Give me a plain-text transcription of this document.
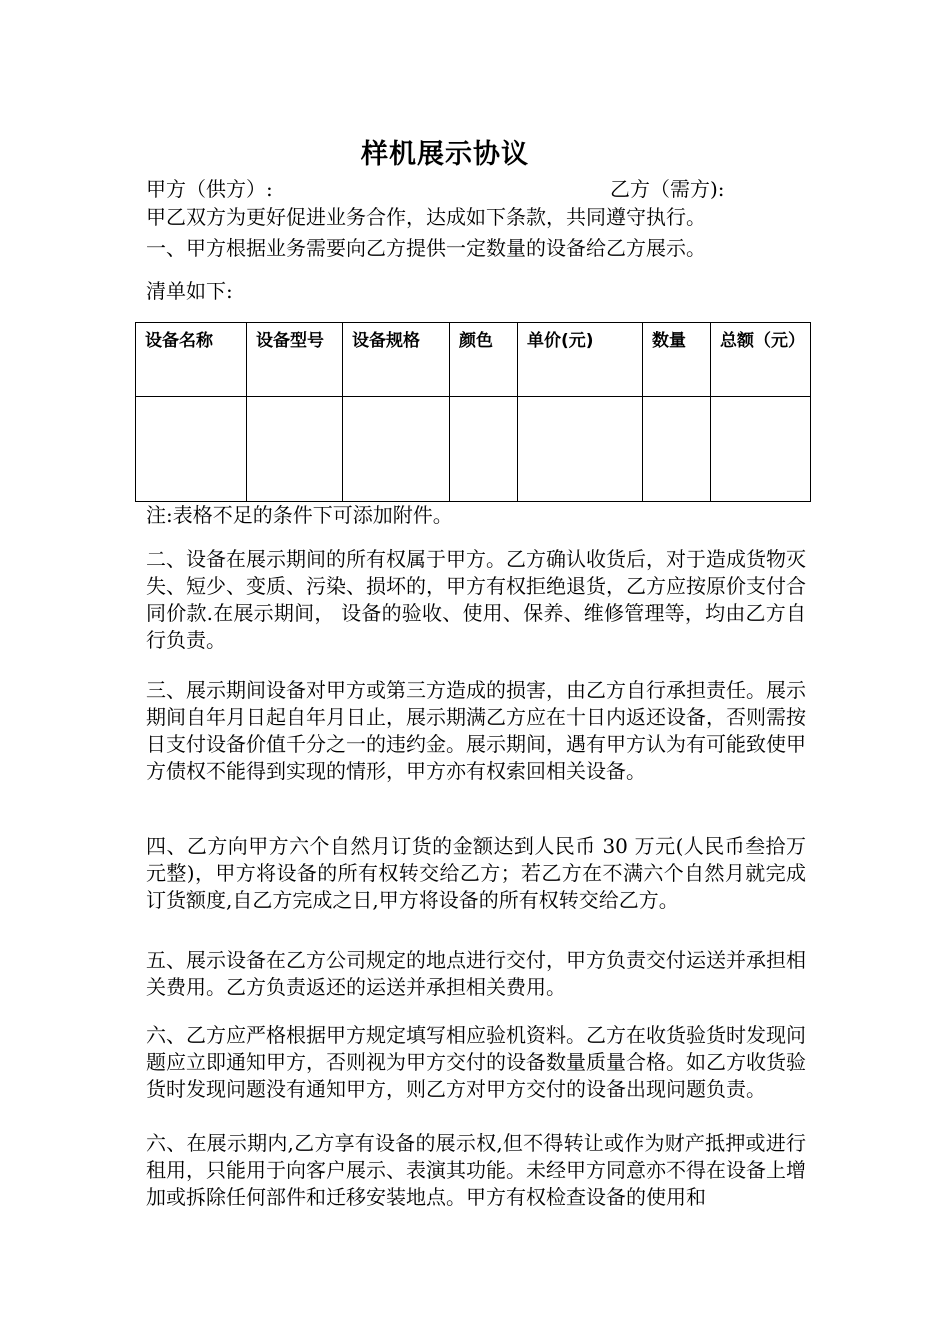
样机展示协议
甲方（供方）:	乙方（需方):
甲乙双方为更好促进业务合作，达成如下条款，共同遵守执行。
一、甲方根据业务需要向乙方提供一定数量的设备给乙方展示。
清单如下:
设备名称	设备型号	设备规格	颜色	单价(元)	数量	总额（元）

注:表格不足的条件下可添加附件。
二、设备在展示期间的所有权属于甲方。乙方确认收货后，对于造成货物灭失、短少、变质、污染、损坏的，甲方有权拒绝退货，乙方应按原价支付合同价款.在展示期间， 设备的验收、使用、保养、维修管理等，均由乙方自行负责。
三、展示期间设备对甲方或第三方造成的损害，由乙方自行承担责任。展示期间自年月日起自年月日止，展示期满乙方应在十日内返还设备，否则需按日支付设备价值千分之一的违约金。展示期间，遇有甲方认为有可能致使甲方债权不能得到实现的情形，甲方亦有权索回相关设备。
四、乙方向甲方六个自然月订货的金额达到人民币 30 万元(人民币叁拾万元整)，甲方将设备的所有权转交给乙方；若乙方在不满六个自然月就完成订货额度,自乙方完成之日,甲方将设备的所有权转交给乙方。
五、展示设备在乙方公司规定的地点进行交付，甲方负责交付运送并承担相关费用。乙方负责返还的运送并承担相关费用。
六、乙方应严格根据甲方规定填写相应验机资料。乙方在收货验货时发现问题应立即通知甲方，否则视为甲方交付的设备数量质量合格。如乙方收货验货时发现问题没有通知甲方，则乙方对甲方交付的设备出现问题负责。
六、在展示期内,乙方享有设备的展示权,但不得转让或作为财产抵押或进行租用，只能用于向客户展示、表演其功能。未经甲方同意亦不得在设备上增加或拆除任何部件和迁移安装地点。甲方有权检查设备的使用和
